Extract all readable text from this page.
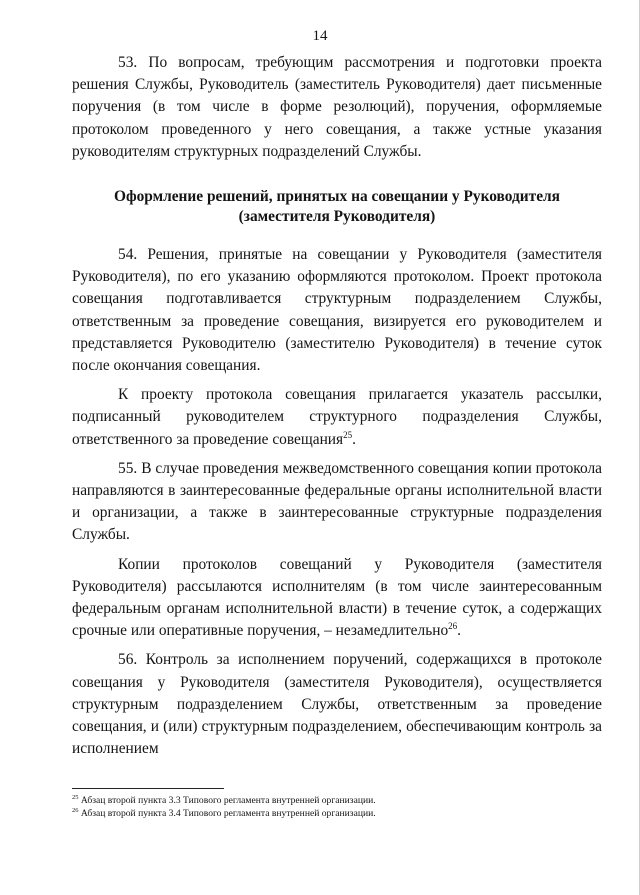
14

53. По вопросам, требующим рассмотрения и подготовки проекта решения Службы, Руководитель (заместитель Руководителя) дает письменные поручения (в том числе в форме резолюций), поручения, оформляемые протоколом проведенного у него совещания, а также устные указания руководителям структурных подразделений Службы.

Оформление решений, принятых на совещании у Руководителя
(заместителя Руководителя)

54. Решения, принятые на совещании у Руководителя (заместителя Руководителя), по его указанию оформляются протоколом. Проект протокола совещания подготавливается структурным подразделением Службы, ответственным за проведение совещания, визируется его руководителем и представляется Руководителю (заместителю Руководителя) в течение суток после окончания совещания.

К проекту протокола совещания прилагается указатель рассылки, подписанный руководителем структурного подразделения Службы, ответственного за проведение совещания$^{25}$.

55. В случае проведения межведомственного совещания копии протокола направляются в заинтересованные федеральные органы исполнительной власти и организации, а также в заинтересованные структурные подразделения Службы.

Копии протоколов совещаний у Руководителя (заместителя Руководителя) рассылаются исполнителям (в том числе заинтересованным федеральным органам исполнительной власти) в течение суток, а содержащих срочные или оперативные поручения, – незамедлительно$^{26}$.

56. Контроль за исполнением поручений, содержащихся в протоколе совещания у Руководителя (заместителя Руководителя), осуществляется структурным подразделением Службы, ответственным за проведение совещания, и (или) структурным подразделением, обеспечивающим контроль за исполнением

$^{25}$ Абзац второй пункта 3.3 Типового регламента внутренней организации.
$^{26}$ Абзац второй пункта 3.4 Типового регламента внутренней организации.
